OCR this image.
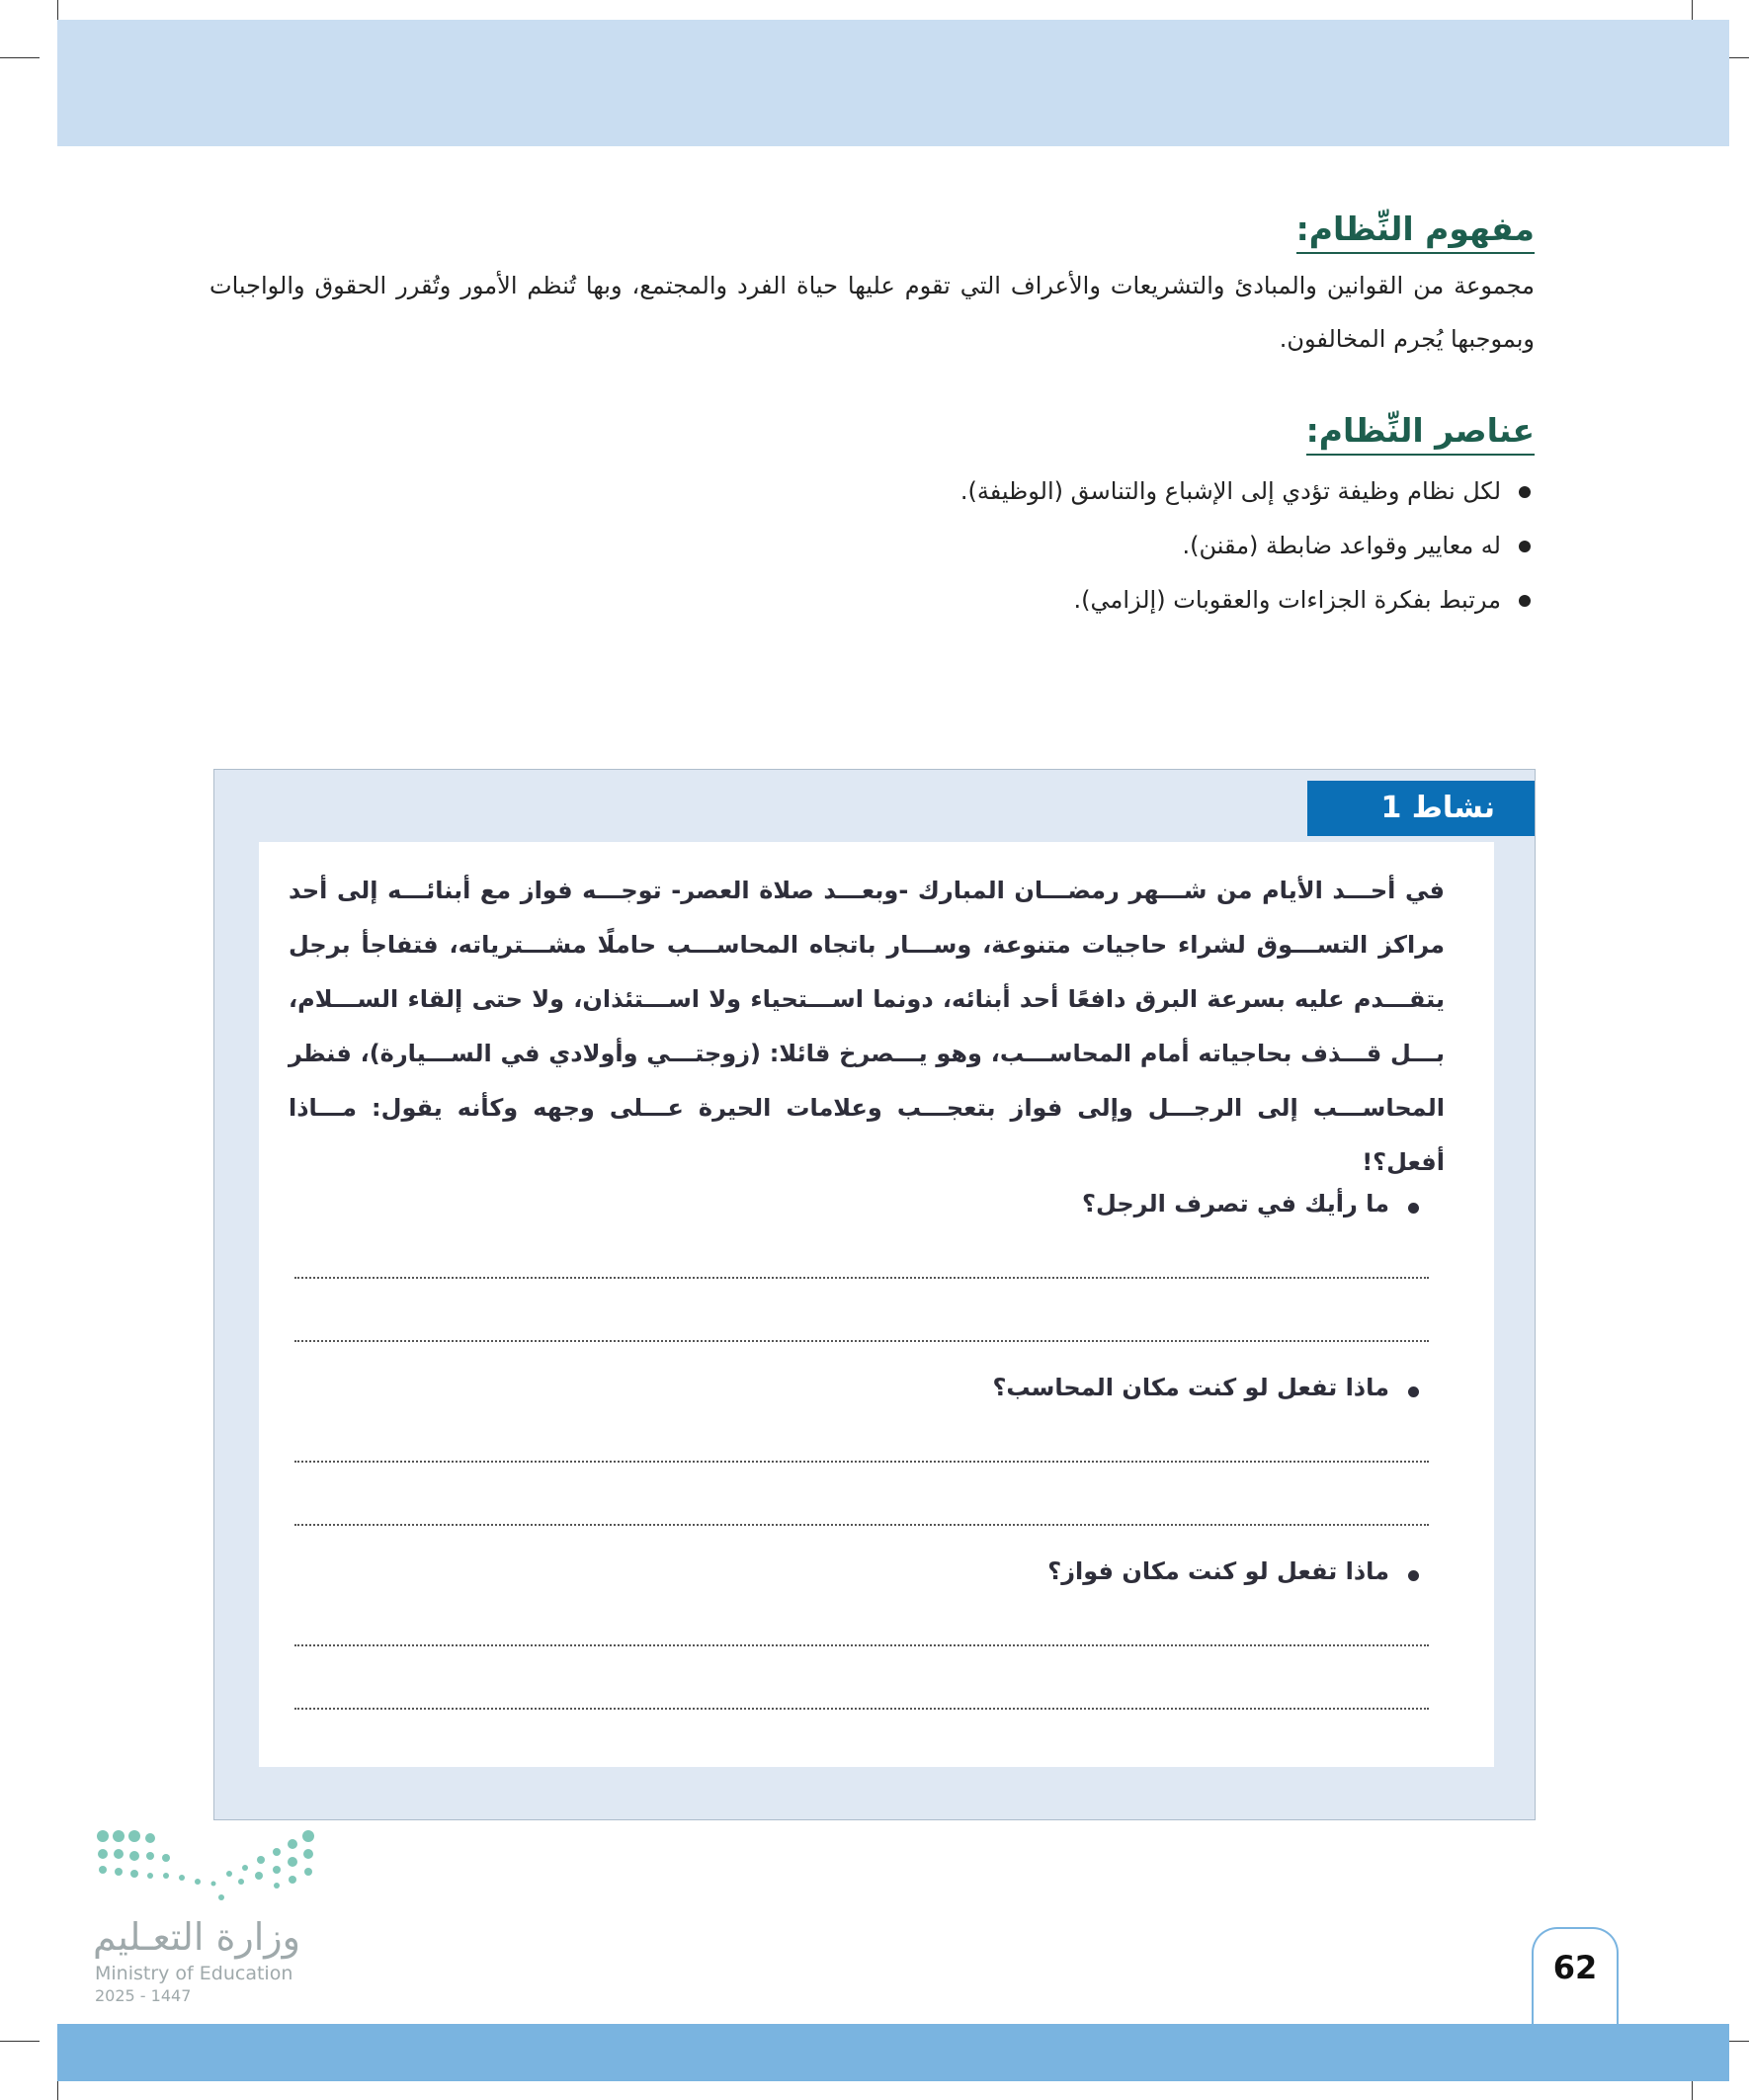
مفهوم النِّظام:

مجموعة من القوانين والمبادئ والتشريعات والأعراف التي تقوم عليها حياة الفرد والمجتمع، وبها تُنظم الأمور وتُقرر الحقوق والواجبات وبموجبها يُجرم المخالفون.

عناصر النِّظام:
لكل نظام وظيفة تؤدي إلى الإشباع والتناسق (الوظيفة).
له معايير وقواعد ضابطة (مقنن).
مرتبط بفكرة الجزاءات والعقوبات (إلزامي).
نشاط 1

في أحـــد الأيام من شـــهر رمضـــان المبارك -وبعـــد صلاة العصر- توجـــه فواز مع أبنائـــه إلى أحد مراكز التســـوق لشراء حاجيات متنوعة، وســـار باتجاه المحاســـب حاملًا مشـــترياته، فتفاجأ برجل يتقـــدم عليه بسرعة البرق دافعًا أحد أبنائه، دونما اســـتحياء ولا اســـتئذان، ولا حتى إلقاء الســـلام، بـــل قـــذف بحاجياته أمام المحاســـب، وهو يـــصرخ قائلا: (زوجتـــي وأولادي في الســـيارة)، فنظر المحاســـب إلى الرجـــل وإلى فواز بتعجـــب وعلامات الحيرة عـــلى وجهه وكأنه يقول: مـــاذا أفعل؟!

ما رأيك في تصرف الرجل؟
ماذا تفعل لو كنت مكان المحاسب؟
ماذا تفعل لو كنت مكان فواز؟
وزارة التعـليم
Ministry of Education
2025 - 1447
62
